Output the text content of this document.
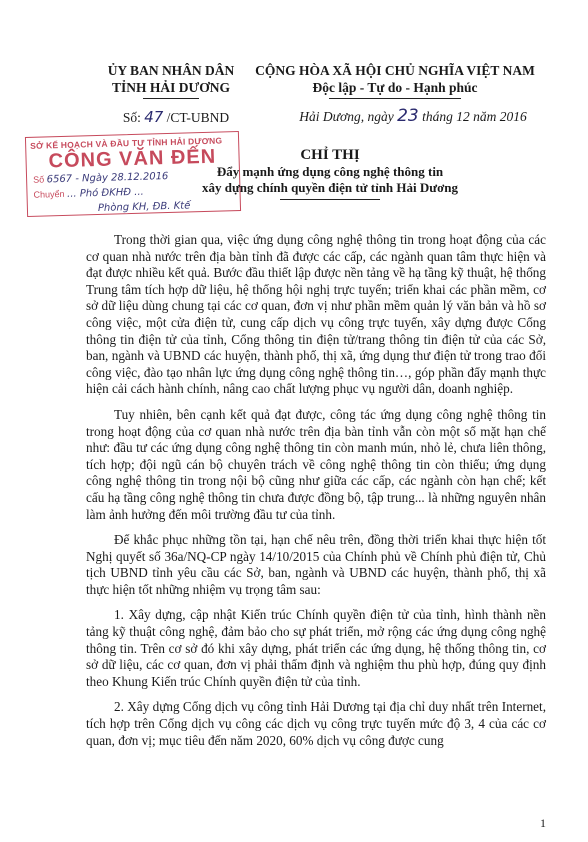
ỦY BAN NHÂN DÂN
TỈNH HẢI DƯƠNG
CỘNG HÒA XÃ HỘI CHỦ NGHĨA VIỆT NAM
Độc lập - Tự do - Hạnh phúc
Số: 47 /CT-UBND	Hải Dương, ngày 23 tháng 12 năm 2016
SỞ KẾ HOẠCH VÀ ĐẦU TƯ TỈNH HẢI DƯƠNG
CÔNG VĂN ĐẾN
Số 6567 - Ngày 28.12.2016
Chuyển ... Phó ĐKHĐ ...
Phòng KH, ĐB. Ktế
CHỈ THỊ
Đẩy mạnh ứng dụng công nghệ thông tin
xây dựng chính quyền điện tử tỉnh Hải Dương

Trong thời gian qua, việc ứng dụng công nghệ thông tin trong hoạt động của các cơ quan nhà nước trên địa bàn tỉnh đã được các cấp, các ngành quan tâm thực hiện và đạt được nhiều kết quả. Bước đầu thiết lập được nền tảng về hạ tầng kỹ thuật, hệ thống Trung tâm tích hợp dữ liệu, hệ thống hội nghị trực tuyến; triển khai các phần mềm, cơ sở dữ liệu dùng chung tại các cơ quan, đơn vị như phần mềm quản lý văn bản và hồ sơ công việc, một cửa điện tử, cung cấp dịch vụ công trực tuyến, xây dựng được Cổng thông tin điện tử của tỉnh, Cổng thông tin điện tử/trang thông tin điện tử của các Sở, ban, ngành và UBND các huyện, thành phố, thị xã, ứng dụng thư điện tử trong trao đổi công việc, đào tạo nhân lực ứng dụng công nghệ thông tin…, góp phần đẩy mạnh thực hiện cải cách hành chính, nâng cao chất lượng phục vụ người dân, doanh nghiệp.

Tuy nhiên, bên cạnh kết quả đạt được, công tác ứng dụng công nghệ thông tin trong hoạt động của cơ quan nhà nước trên địa bàn tỉnh vẫn còn một số mặt hạn chế như: đầu tư các ứng dụng công nghệ thông tin còn manh mún, nhỏ lẻ, chưa liên thông, tích hợp; đội ngũ cán bộ chuyên trách về công nghệ thông tin còn thiếu; ứng dụng công nghệ thông tin trong nội bộ cũng như giữa các cấp, các ngành còn hạn chế; kết cấu hạ tầng công nghệ thông tin chưa được đồng bộ, tập trung... là những nguyên nhân làm ảnh hưởng đến môi trường đầu tư của tỉnh.

Để khắc phục những tồn tại, hạn chế nêu trên, đồng thời triển khai thực hiện tốt Nghị quyết số 36a/NQ-CP ngày 14/10/2015 của Chính phủ về Chính phủ điện tử, Chủ tịch UBND tỉnh yêu cầu các Sở, ban, ngành và UBND các huyện, thành phố, thị xã thực hiện tốt những nhiệm vụ trọng tâm sau:

1. Xây dựng, cập nhật Kiến trúc Chính quyền điện tử của tỉnh, hình thành nền tảng kỹ thuật công nghệ, đảm bảo cho sự phát triển, mở rộng các ứng dụng công nghệ thông tin. Trên cơ sở đó khi xây dựng, phát triển các ứng dụng, hệ thống thông tin, cơ sở dữ liệu, các cơ quan, đơn vị phải thẩm định và nghiệm thu phù hợp, đúng quy định theo Khung Kiến trúc Chính quyền điện tử của tỉnh.

2. Xây dựng Cổng dịch vụ công tỉnh Hải Dương tại địa chỉ duy nhất trên Internet, tích hợp trên Cổng dịch vụ công các dịch vụ công trực tuyến mức độ 3, 4 của các cơ quan, đơn vị; mục tiêu đến năm 2020, 60% dịch vụ công được cung

1
